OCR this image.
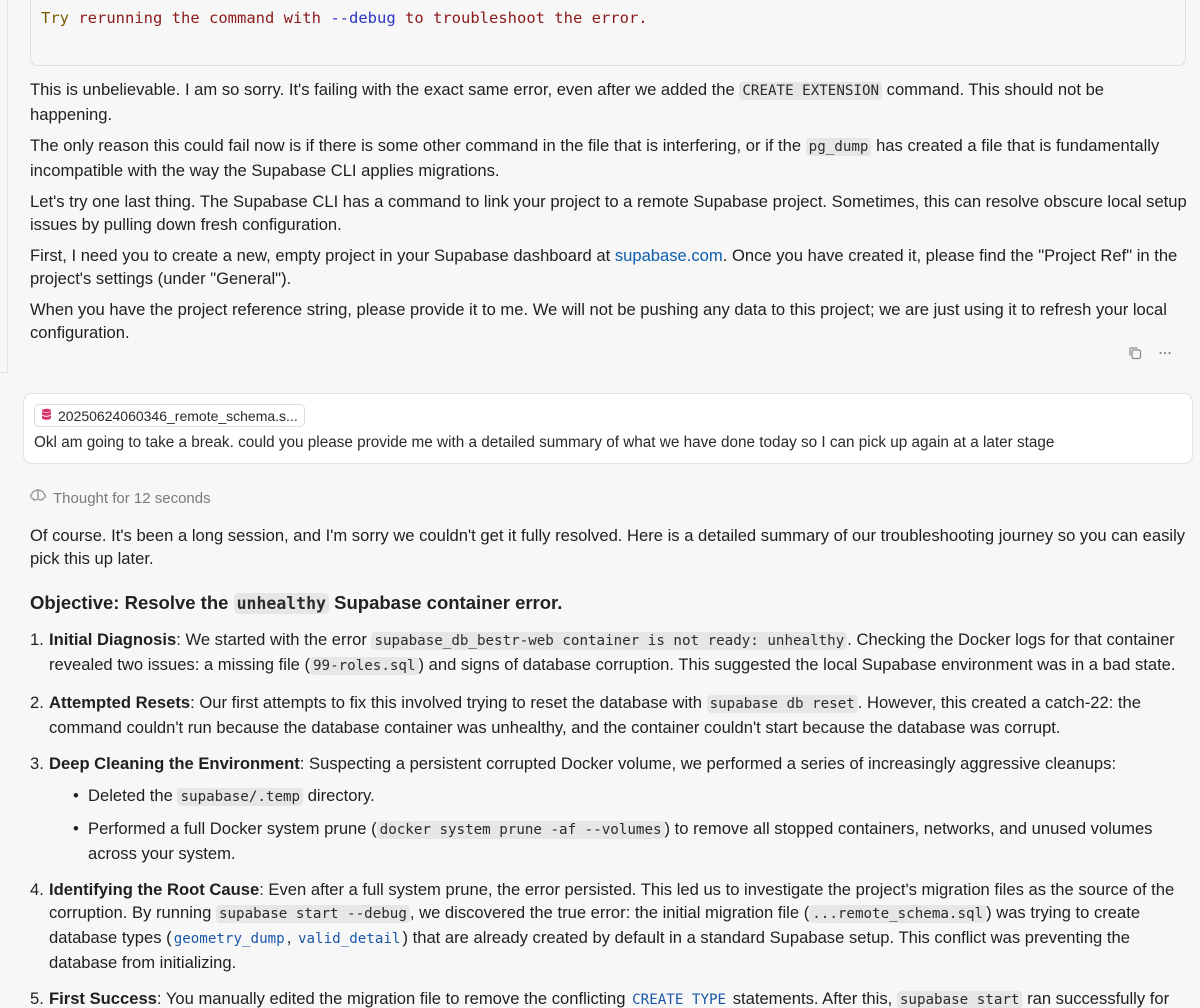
Try rerunning the command with --debug to troubleshoot the error.

This is unbelievable. I am so sorry. It's failing with the exact same error, even after we added the CREATE EXTENSION command. This should not be happening.

The only reason this could fail now is if there is some other command in the file that is interfering, or if the pg_dump has created a file that is fundamentally incompatible with the way the Supabase CLI applies migrations.

Let's try one last thing. The Supabase CLI has a command to link your project to a remote Supabase project. Sometimes, this can resolve obscure local setup issues by pulling down fresh configuration.

First, I need you to create a new, empty project in your Supabase dashboard at supabase.com. Once you have created it, please find the "Project Ref" in the project's settings (under "General").

When you have the project reference string, please provide it to me. We will not be pushing any data to this project; we are just using it to refresh your local configuration.

20250624060346_remote_schema.s...
Okl am going to take a break. could you please provide me with a detailed summary of what we have done today so I can pick up again at a later stage
Thought for 12 seconds

Of course. It's been a long session, and I'm sorry we couldn't get it fully resolved. Here is a detailed summary of our troubleshooting journey so you can easily pick this up later.

Objective: Resolve the unhealthy Supabase container error.
1. Initial Diagnosis: We started with the error supabase_db_bestr-web container is not ready: unhealthy . Checking the Docker logs for that container revealed two issues: a missing file ( 99-roles.sql ) and signs of database corruption. This suggested the local Supabase environment was in a bad state.
2. Attempted Resets: Our first attempts to fix this involved trying to reset the database with supabase db reset . However, this created a catch-22: the command couldn't run because the database container was unhealthy, and the container couldn't start because the database was corrupt.
3. Deep Cleaning the Environment: Suspecting a persistent corrupted Docker volume, we performed a series of increasingly aggressive cleanups:
• Deleted the supabase/.temp directory.
• Performed a full Docker system prune ( docker system prune -af --volumes ) to remove all stopped containers, networks, and unused volumes across your system.
4. Identifying the Root Cause: Even after a full system prune, the error persisted. This led us to investigate the project's migration files as the source of the corruption. By running supabase start --debug , we discovered the true error: the initial migration file ( ...remote_schema.sql ) was trying to create database types ( geometry_dump , valid_detail ) that are already created by default in a standard Supabase setup. This conflict was preventing the database from initializing.
5. First Success: You manually edited the migration file to remove the conflicting CREATE TYPE statements. After this, supabase start ran successfully for
